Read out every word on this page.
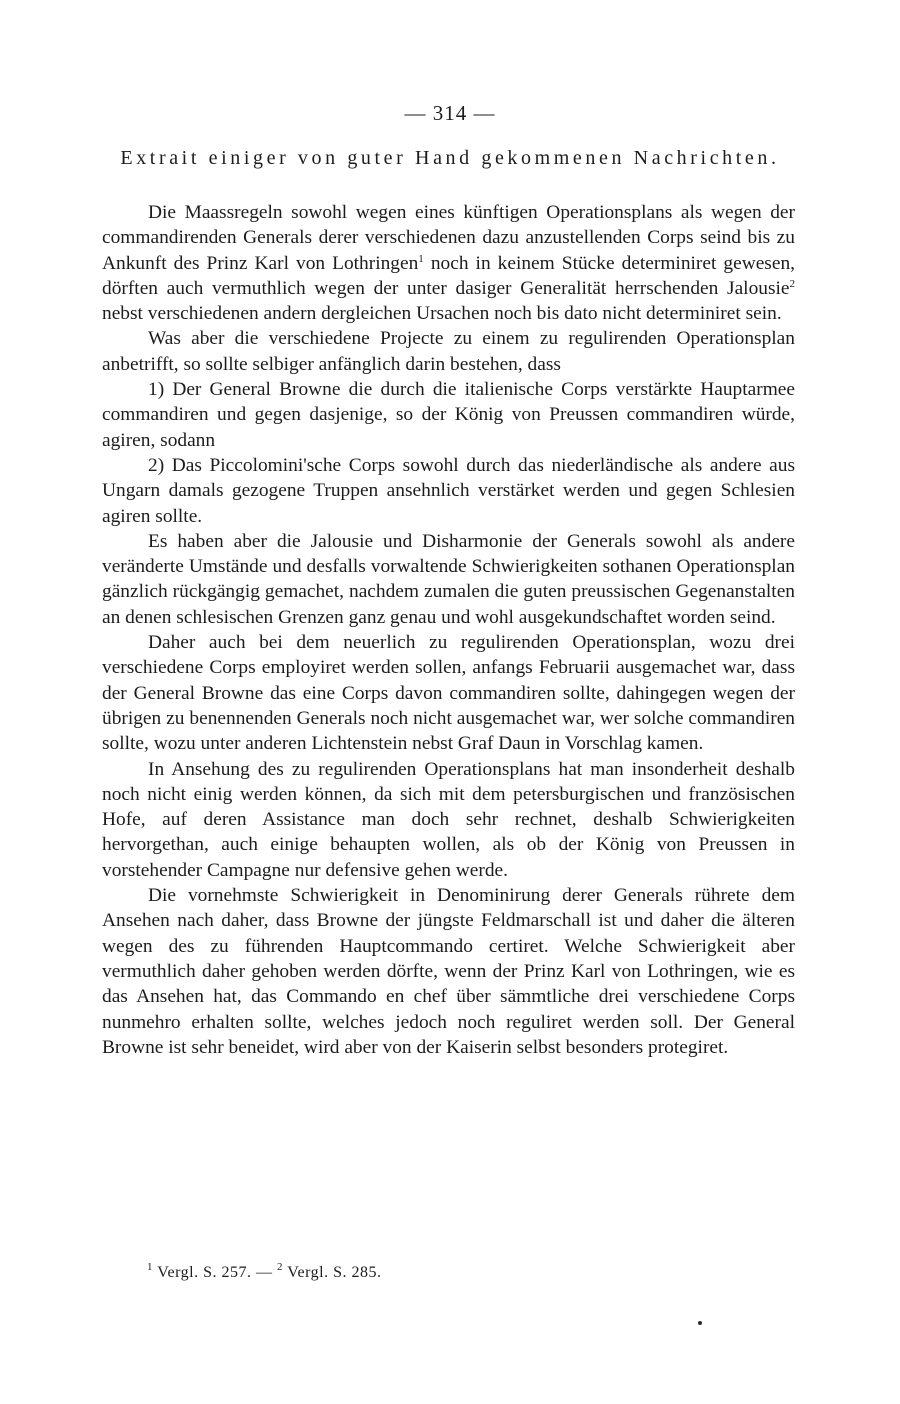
— 314 —
Extrait einiger von guter Hand gekommenen Nachrichten.

Die Maassregeln sowohl wegen eines künftigen Operationsplans als wegen der commandirenden Generals derer verschiedenen dazu anzustellenden Corps seind bis zu Ankunft des Prinz Karl von Lothringen$^1$ noch in keinem Stücke determiniret gewesen, dörften auch vermuthlich wegen der unter dasiger Generalität herrschenden Jalousie$^2$ nebst verschiedenen andern dergleichen Ursachen noch bis dato nicht determiniret sein.

Was aber die verschiedene Projecte zu einem zu regulirenden Operationsplan anbetrifft, so sollte selbiger anfänglich darin bestehen, dass

1) Der General Browne die durch die italienische Corps verstärkte Hauptarmee commandiren und gegen dasjenige, so der König von Preussen commandiren würde, agiren, sodann

2) Das Piccolomini'sche Corps sowohl durch das niederländische als andere aus Ungarn damals gezogene Truppen ansehnlich verstärket werden und gegen Schlesien agiren sollte.

Es haben aber die Jalousie und Disharmonie der Generals sowohl als andere veränderte Umstände und desfalls vorwaltende Schwierigkeiten sothanen Operationsplan gänzlich rückgängig gemachet, nachdem zumalen die guten preussischen Gegenanstalten an denen schlesischen Grenzen ganz genau und wohl ausgekundschaftet worden seind.

Daher auch bei dem neuerlich zu regulirenden Operationsplan, wozu drei verschiedene Corps employiret werden sollen, anfangs Februarii ausgemachet war, dass der General Browne das eine Corps davon commandiren sollte, dahingegen wegen der übrigen zu benennenden Generals noch nicht ausgemachet war, wer solche commandiren sollte, wozu unter anderen Lichtenstein nebst Graf Daun in Vorschlag kamen.

In Ansehung des zu regulirenden Operationsplans hat man insonderheit deshalb noch nicht einig werden können, da sich mit dem petersburgischen und französischen Hofe, auf deren Assistance man doch sehr rechnet, deshalb Schwierigkeiten hervorgethan, auch einige behaupten wollen, als ob der König von Preussen in vorstehender Campagne nur defensive gehen werde.

Die vornehmste Schwierigkeit in Denominirung derer Generals rührete dem Ansehen nach daher, dass Browne der jüngste Feldmarschall ist und daher die älteren wegen des zu führenden Hauptcommando certiret. Welche Schwierigkeit aber vermuthlich daher gehoben werden dörfte, wenn der Prinz Karl von Lothringen, wie es das Ansehen hat, das Commando en chef über sämmtliche drei verschiedene Corps nunmehro erhalten sollte, welches jedoch noch reguliret werden soll. Der General Browne ist sehr beneidet, wird aber von der Kaiserin selbst besonders protegiret.

$^1$ Vergl. S. 257. — $^2$ Vergl. S. 285.
